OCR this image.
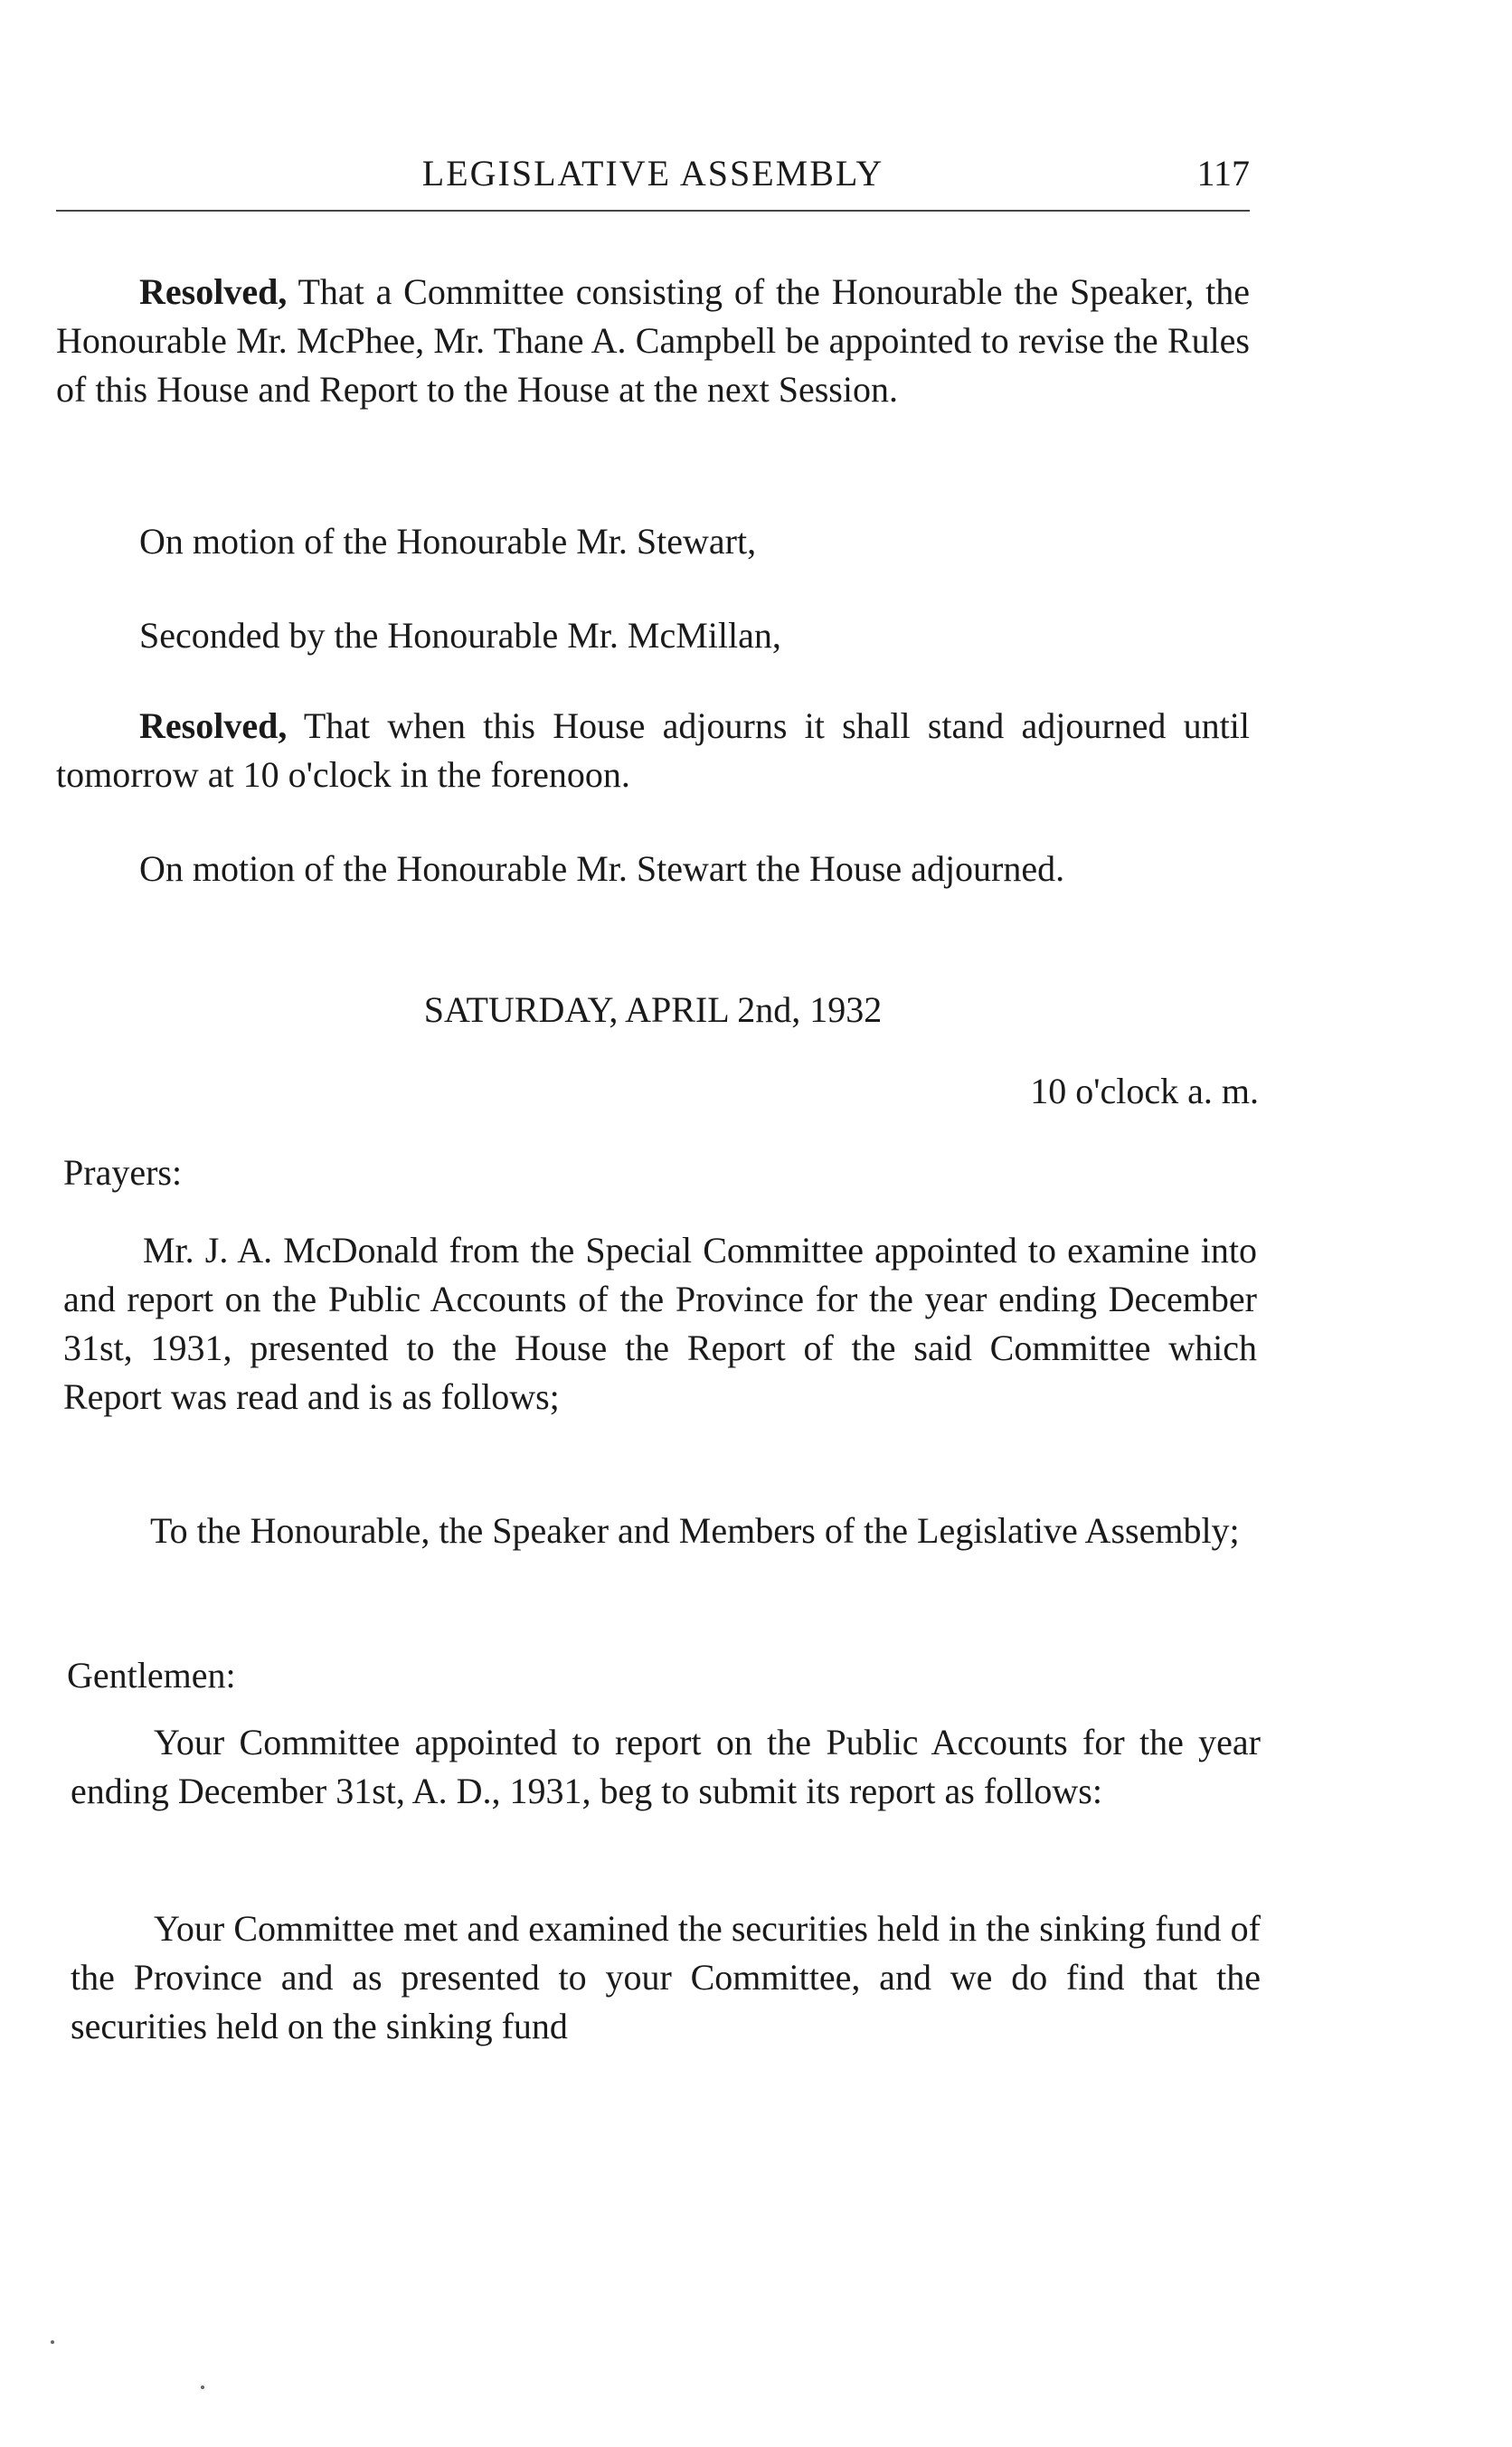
LEGISLATIVE ASSEMBLY	117

Resolved, That a Committee consisting of the Honourable the Speaker, the Honourable Mr. McPhee, Mr. Thane A. Campbell be appointed to revise the Rules of this House and Report to the House at the next Session.

On motion of the Honourable Mr. Stewart,

Seconded by the Honourable Mr. McMillan,

Resolved, That when this House adjourns it shall stand adjourned until tomorrow at 10 o'clock in the forenoon.

On motion of the Honourable Mr. Stewart the House adjourned.

SATURDAY, APRIL 2nd, 1932

10 o'clock a. m.

Prayers:

Mr. J. A. McDonald from the Special Committee appointed to examine into and report on the Public Accounts of the Province for the year ending December 31st, 1931, presented to the House the Report of the said Committee which Report was read and is as follows;

To the Honourable, the Speaker and Members of the Legislative Assembly;

Gentlemen:

Your Committee appointed to report on the Public Accounts for the year ending December 31st, A. D., 1931, beg to submit its report as follows:

Your Committee met and examined the securities held in the sinking fund of the Province and as presented to your Committee, and we do find that the securities held on the sinking fund
